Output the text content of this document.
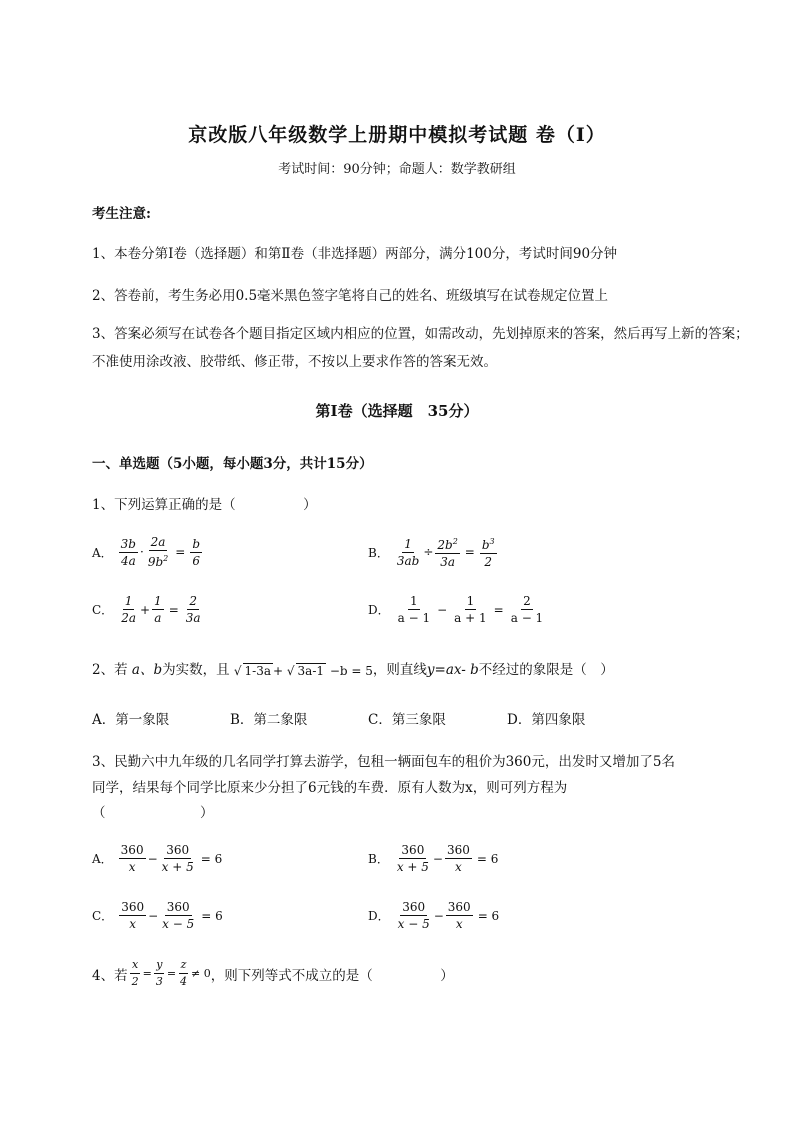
京改版八年级数学上册期中模拟考试题 卷（Ⅰ）
考试时间：90分钟；命题人：数学教研组
考生注意:
1、本卷分第Ⅰ卷（选择题）和第Ⅱ卷（非选择题）两部分，满分100分，考试时间90分钟
2、答卷前，考生务必用0.5毫米黑色签字笔将自己的姓名、班级填写在试卷规定位置上
3、答案必须写在试卷各个题目指定区域内相应的位置，如需改动，先划掉原来的答案，然后再写上新的答案；不准使用涂改液、胶带纸、修正带，不按以上要求作答的答案无效。
第Ⅰ卷（选择题　35分）
一、单选题（5小题，每小题3分，共计15分）
1、下列运算正确的是（　　　　　）
A． $\frac{3b}{4a} \cdot \frac{2a}{9b^2} = \frac{b}{6}$	B． $\frac{1}{3ab} \div \frac{2b^2}{3a} = \frac{b^3}{2}$
C． $\frac{1}{2a} + \frac{1}{a} = \frac{2}{3a}$	D． $\frac{1}{a - 1} - \frac{1}{a + 1} = \frac{2}{a - 1}$
2、若 a、b为实数，且 √ 1-3a + √ 3a-1
−b = 5 ，则直线y=ax- b不经过的象限是（　）
A．第一象限	B．第二象限	C．第三象限	D．第四象限
3、民勤六中九年级的几名同学打算去游学，包租一辆面包车的租价为360元，出发时又增加了5名
同学，结果每个同学比原来少分担了6元钱的车费．原有人数为x，则可列方程为
（　　　　　　　）
A． $\frac{360}{x} - \frac{360}{x + 5} = 6$	B． $\frac{360}{x + 5} - \frac{360}{x} = 6$
C． $\frac{360}{x} - \frac{360}{x - 5} = 6$	D． $\frac{360}{x - 5} - \frac{360}{x} = 6$
4、若 $\frac{x}{2} = \frac{y}{3} = \frac{z}{4} \ne 0$ ，则下列等式不成立的是（　　　　　）
